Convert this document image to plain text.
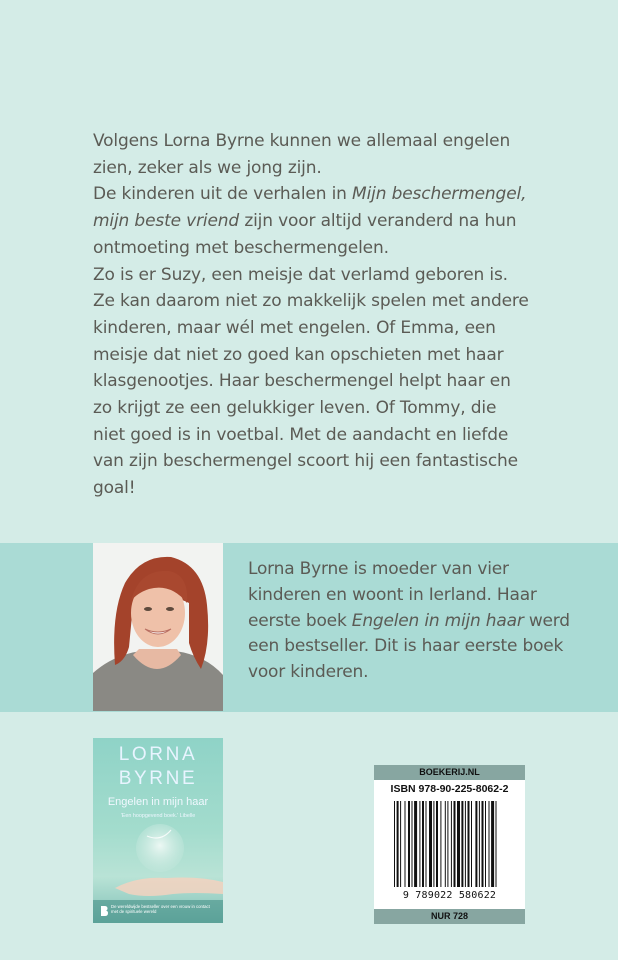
Volgens Lorna Byrne kunnen we allemaal engelen zien, zeker als we jong zijn.

De kinderen uit de verhalen in Mijn beschermengel, mijn beste vriend zijn voor altijd veranderd na hun ontmoeting met beschermengelen.

Zo is er Suzy, een meisje dat verlamd geboren is. Ze kan daarom niet zo makkelijk spelen met andere kinderen, maar wél met engelen. Of Emma, een meisje dat niet zo goed kan opschieten met haar klasgenootjes. Haar beschermengel helpt haar en zo krijgt ze een gelukkiger leven. Of Tommy, die niet goed is in voetbal. Met de aandacht en liefde van zijn beschermengel scoort hij een fantastische goal!

Lorna Byrne is moeder van vier kinderen en woont in Ierland. Haar eerste boek Engelen in mijn haar werd een bestseller. Dit is haar eerste boek voor kinderen.

LORNA
BYRNE
Engelen in mijn haar
'Een hoopgevend boek.' Libelle
De wereldwijde bestseller over een vrouw in contact met de spirituele wereld
BOEKERIJ.NL
ISBN 978-90-225-8062-2
9 789022 580622
NUR 728
